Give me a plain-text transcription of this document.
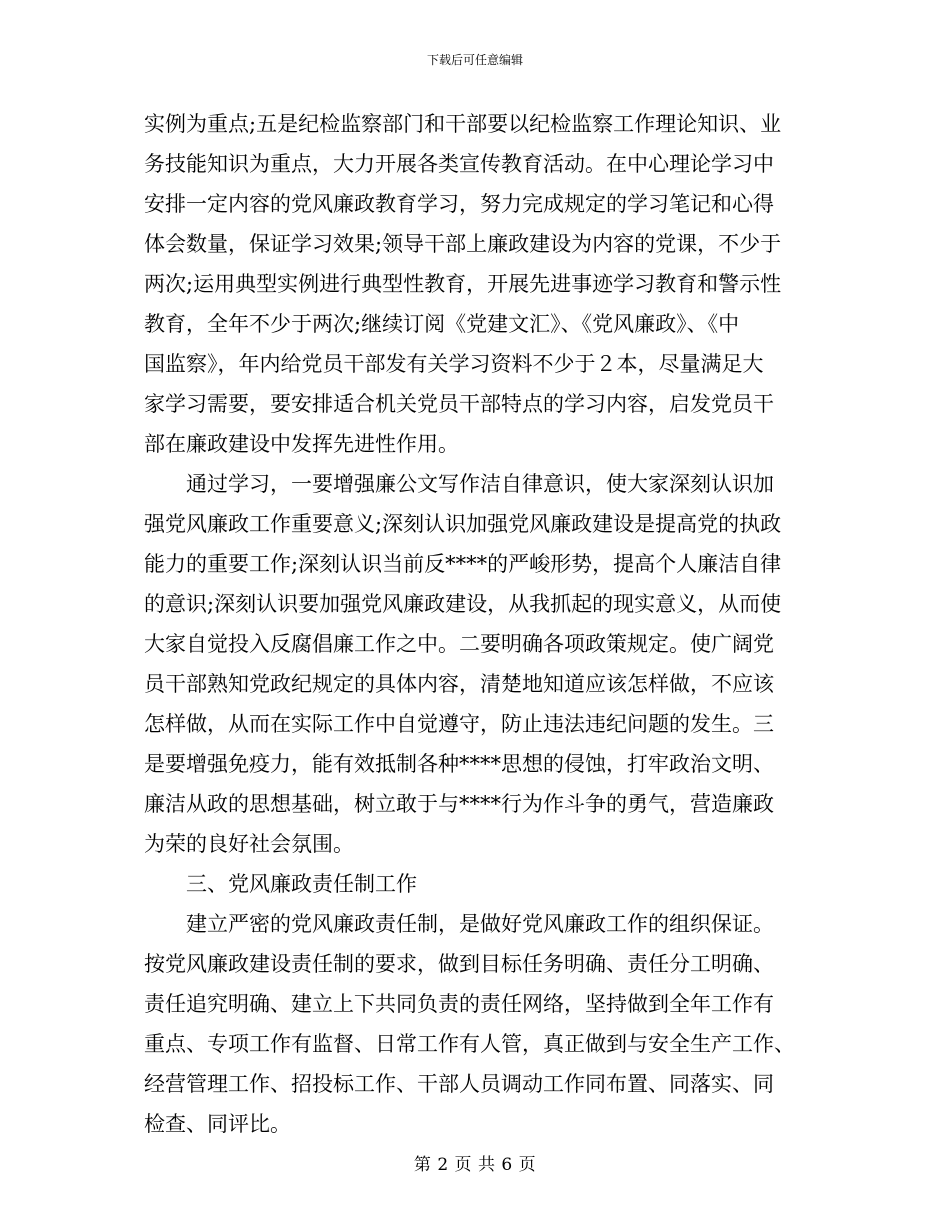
下载后可任意编辑
实例为重点;五是纪检监察部门和干部要以纪检监察工作理论知识、业
务技能知识为重点，大力开展各类宣传教育活动。在中心理论学习中
安排一定内容的党风廉政教育学习，努力完成规定的学习笔记和心得
体会数量，保证学习效果;领导干部上廉政建设为内容的党课，不少于
两次;运用典型实例进行典型性教育，开展先进事迹学习教育和警示性
教育，全年不少于两次;继续订阅《党建文汇》、《党风廉政》、《中
国监察》，年内给党员干部发有关学习资料不少于２本，尽量满足大
家学习需要，要安排适合机关党员干部特点的学习内容，启发党员干
部在廉政建设中发挥先进性作用。
　　通过学习，一要增强廉公文写作洁自律意识，使大家深刻认识加
强党风廉政工作重要意义;深刻认识加强党风廉政建设是提高党的执政
能力的重要工作;深刻认识当前反****的严峻形势，提高个人廉洁自律
的意识;深刻认识要加强党风廉政建设，从我抓起的现实意义，从而使
大家自觉投入反腐倡廉工作之中。二要明确各项政策规定。使广阔党
员干部熟知党政纪规定的具体内容，清楚地知道应该怎样做，不应该
怎样做，从而在实际工作中自觉遵守，防止违法违纪问题的发生。三
是要增强免疫力，能有效抵制各种****思想的侵蚀，打牢政治文明、
廉洁从政的思想基础，树立敢于与****行为作斗争的勇气，营造廉政
为荣的良好社会氛围。
　　三、党风廉政责任制工作
　　建立严密的党风廉政责任制，是做好党风廉政工作的组织保证。
按党风廉政建设责任制的要求，做到目标任务明确、责任分工明确、
责任追究明确、建立上下共同负责的责任网络，坚持做到全年工作有
重点、专项工作有监督、日常工作有人管，真正做到与安全生产工作、
经营管理工作、招投标工作、干部人员调动工作同布置、同落实、同
检查、同评比。
第 2 页 共 6 页
